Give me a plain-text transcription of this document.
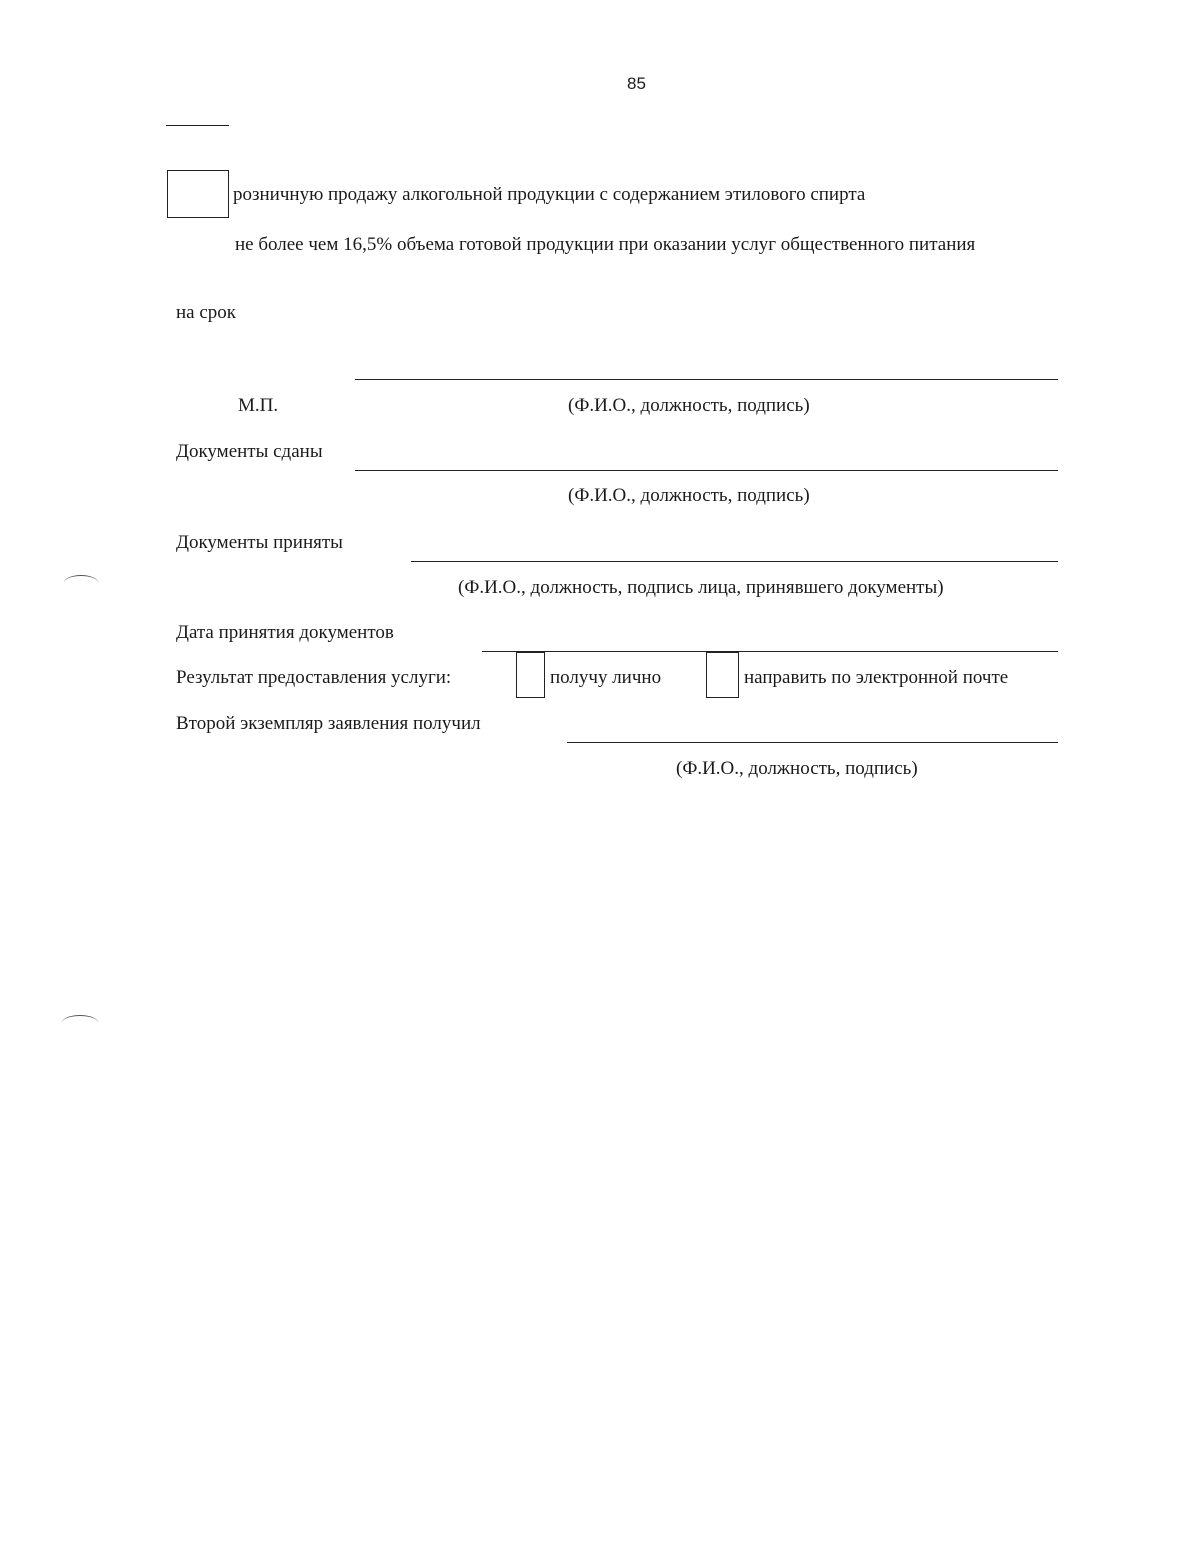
85
розничную продажу алкогольной продукции с содержанием этилового спирта
не более чем 16,5% объема готовой продукции при оказании услуг общественного питания
на срок
М.П.	(Ф.И.О., должность, подпись)
Документы сданы
(Ф.И.О., должность, подпись)
Документы приняты
(Ф.И.О., должность, подпись лица, принявшего документы)
Дата принятия документов
Результат предоставления услуги:	получу лично	направить по электронной почте
Второй экземпляр заявления получил
(Ф.И.О., должность, подпись)
